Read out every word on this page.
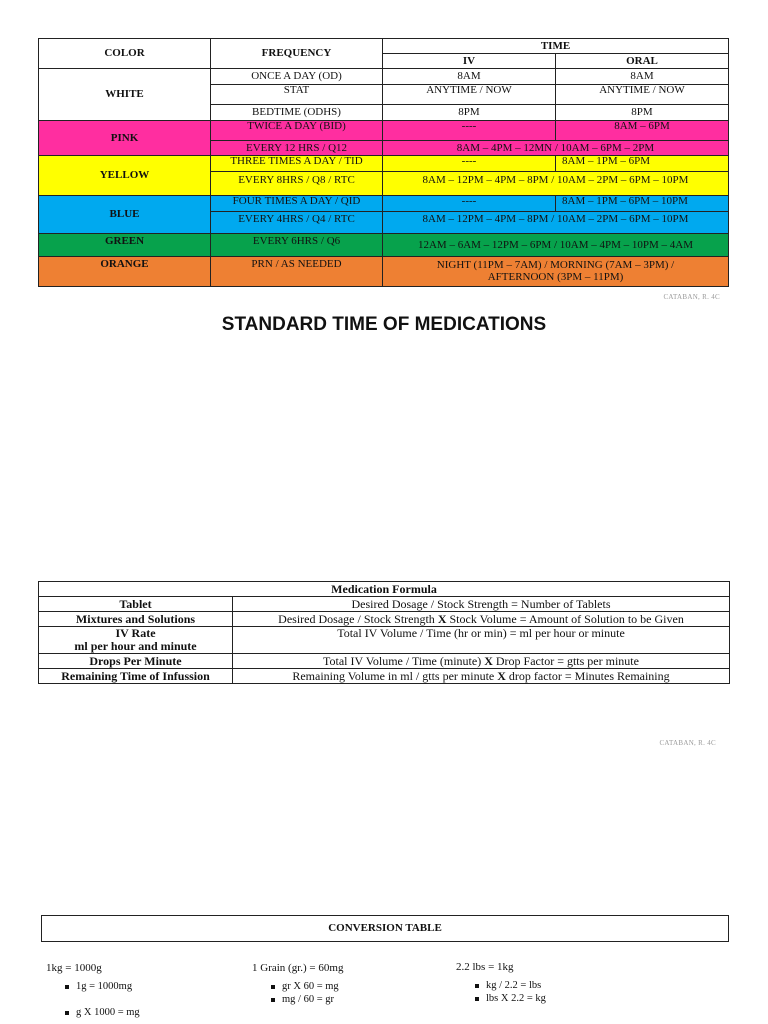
COLOR	FREQUENCY	TIME	
		IV	ORAL
WHITE	ONCE A DAY (OD)	8AM	8AM
	STAT	ANYTIME / NOW	ANYTIME / NOW
	BEDTIME (ODHS)	8PM	8PM
PINK	TWICE A DAY (BID)	----	8AM – 6PM
	EVERY 12 HRS / Q12	8AM – 4PM – 12MN / 10AM – 6PM – 2PM	
YELLOW	THREE TIMES A DAY / TID	----	8AM – 1PM – 6PM
	EVERY 8HRS / Q8 / RTC	8AM – 12PM – 4PM – 8PM / 10AM – 2PM – 6PM – 10PM	
BLUE	FOUR TIMES A DAY / QID	----	8AM – 1PM – 6PM – 10PM
	EVERY 4HRS / Q4 / RTC	8AM – 12PM – 4PM – 8PM / 10AM – 2PM – 6PM – 10PM	
GREEN	EVERY 6HRS / Q6	12AM – 6AM – 12PM – 6PM / 10AM – 4PM – 10PM – 4AM	
ORANGE	PRN / AS NEEDED	NIGHT (11PM – 7AM) / MORNING (7AM – 3PM) /
AFTERNOON (3PM – 11PM)	
CATABAN, R. 4C
STANDARD TIME OF MEDICATIONS
Medication Formula	
Tablet	Desired Dosage / Stock Strength = Number of Tablets
Mixtures and Solutions	Desired Dosage / Stock Strength X Stock Volume = Amount of Solution to be Given

IV Rate
ml per hour and minute	Total IV Volume / Time (hr or min) = ml per hour or minute
Drops Per Minute	Total IV Volume / Time (minute) X Drop Factor = gtts per minute
Remaining Time of Infussion	Remaining Volume in ml / gtts per minute X drop factor = Minutes Remaining
CATABAN, R. 4C
CONVERSION TABLE
1kg = 1000g
1g = 1000mg
g X 1000 = mg
1 Grain (gr.) = 60mg
gr X 60 = mg
mg / 60 = gr
2.2 lbs = 1kg
kg / 2.2 = lbs
lbs X 2.2 = kg
